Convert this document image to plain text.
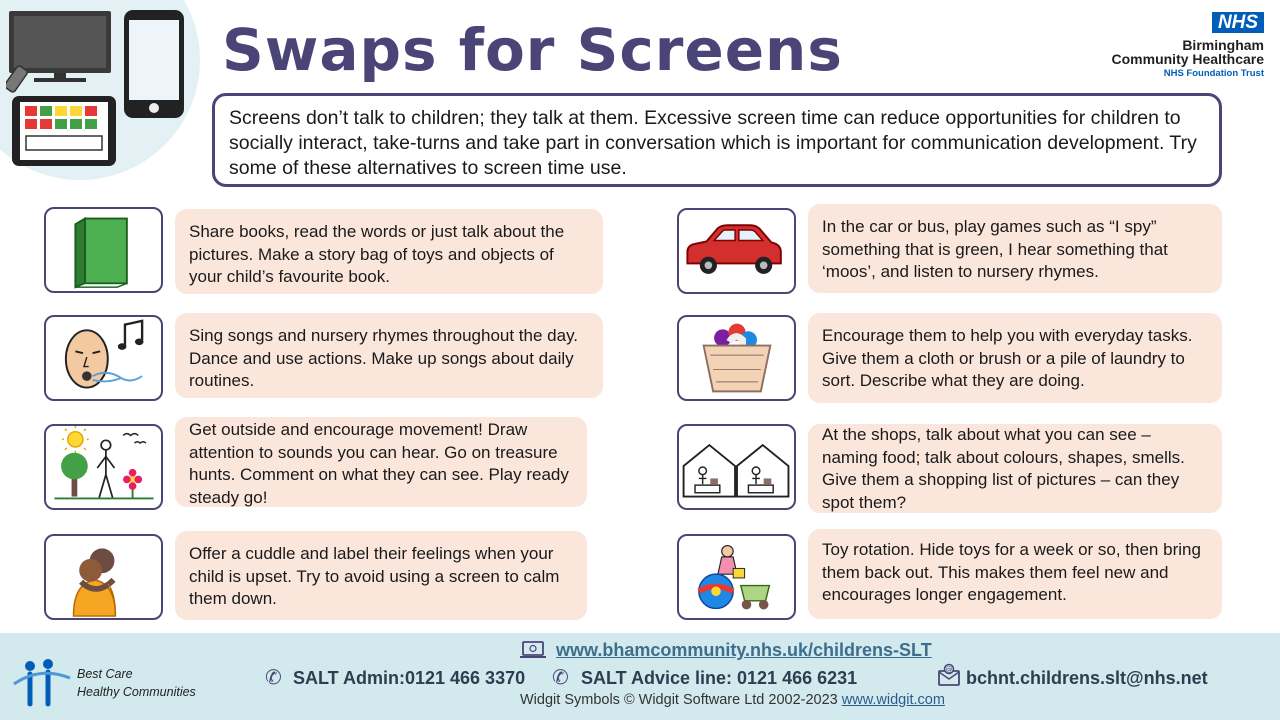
Swaps for Screens	NHS
Birmingham
Community Healthcare
NHS Foundation Trust
Screens don’t talk to children; they talk at them. Excessive screen time can reduce opportunities for children to socially interact, take-turns and take part in conversation which is important for communication development. Try some of these alternatives to screen time use.
Share books, read the words or just talk about the pictures. Make a story bag of toys and objects of your child’s favourite book.
Sing songs and nursery rhymes throughout the day. Dance and use actions. Make up songs about daily routines.
Get outside and encourage movement! Draw attention to sounds you can hear. Go on treasure hunts. Comment on what they can see. Play ready steady go!
Offer a cuddle and label their feelings when your child is upset. Try to avoid using a screen to calm them down.
In the car or bus, play games such as “I spy” something that is green, I hear something that ‘moos’, and listen to nursery rhymes.
Encourage them to help you with everyday tasks. Give them a cloth or brush or a pile of laundry to sort. Describe what they are doing.
At the shops, talk about what you can see – naming food; talk about colours, shapes, smells. Give them a shopping list of pictures – can they spot them?
Toy rotation. Hide toys for a week or so, then bring them back out. This makes them feel new and encourages longer engagement.
Best Care
Healthy Communities
www.bhamcommunity.nhs.uk/childrens-SLT
✆ SALT Admin:0121 466 3370 ✆ SALT Advice line: 0121 466 6231	@ bchnt.childrens.slt@nhs.net
Widgit Symbols © Widgit Software Ltd 2002-2023 www.widgit.com
